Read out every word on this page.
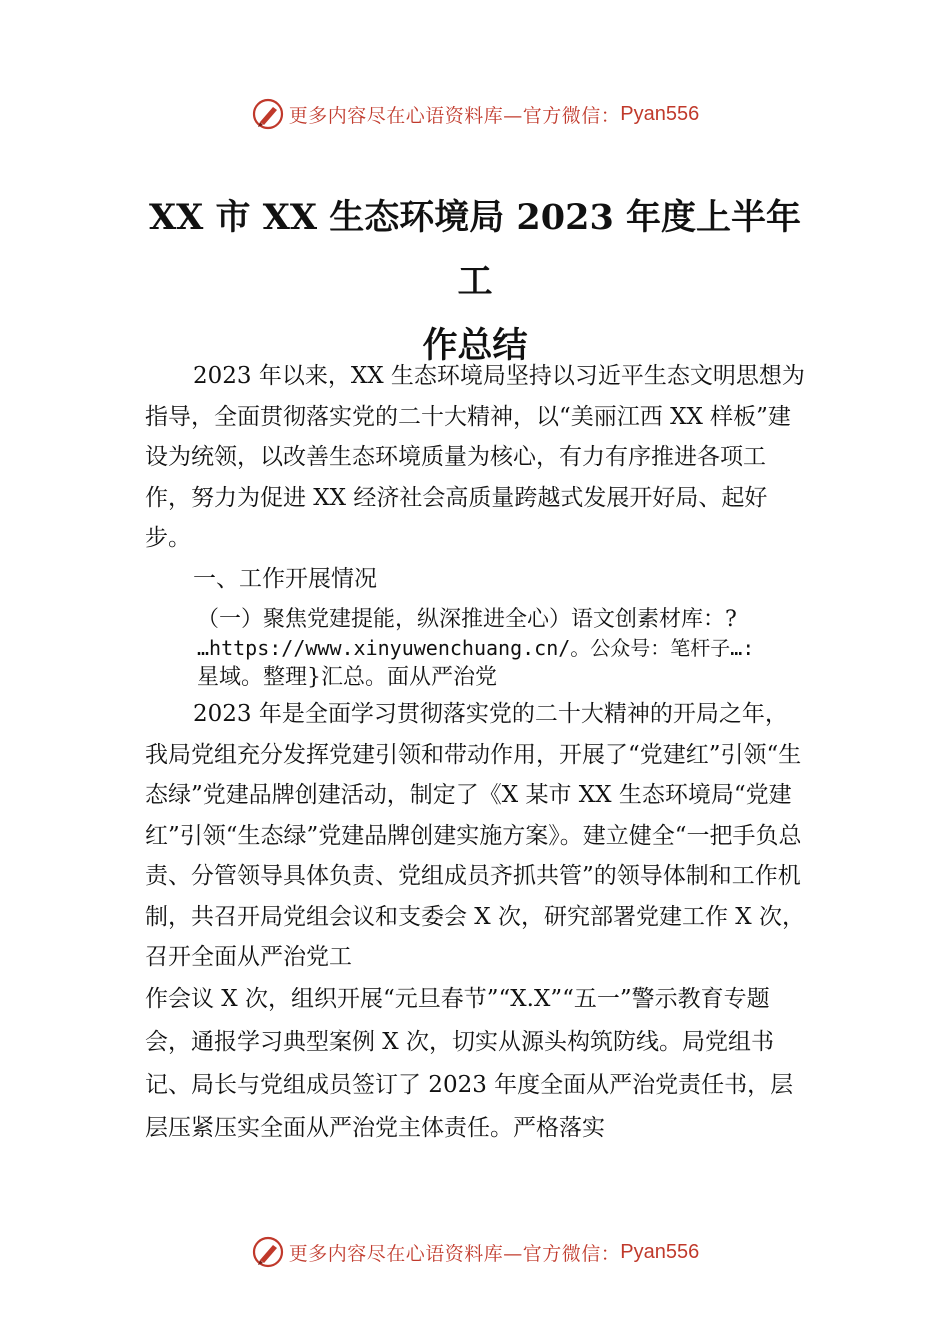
更多内容尽在心语资料库—官方微信： Pyan556
XX 市 XX 生态环境局 2023 年度上半年工
作总结

2023 年以来，XX 生态环境局坚持以习近平生态文明思想为指导，全面贯彻落实党的二十大精神，以“美丽江西 XX 样板”建设为统领，以改善生态环境质量为核心，有力有序推进各项工作，努力为促进 XX 经济社会高质量跨越式发展开好局、起好步。

一、工作开展情况

（一）聚焦党建提能，纵深推进全心）语文创素材库：?
…https://www.xinyuwenchuang.cn/。公众号：笔杆子…:
星域。整理}汇总。面从严治党

2023 年是全面学习贯彻落实党的二十大精神的开局之年，我局党组充分发挥党建引领和带动作用，开展了“党建红”引领“生态绿”党建品牌创建活动，制定了《X 某市 XX 生态环境局“党建红”引领“生态绿”党建品牌创建实施方案》。建立健全“一把手负总责、分管领导具体负责、党组成员齐抓共管”的领导体制和工作机制，共召开局党组会议和支委会 X 次，研究部署党建工作 X 次，召开全面从严治党工

作会议 X 次，组织开展“元旦春节”“X.X”“五一”警示教育专题会，通报学习典型案例 X 次，切实从源头构筑防线。局党组书记、局长与党组成员签订了 2023 年度全面从严治党责任书，层层压紧压实全面从严治党主体责任。严格落实

更多内容尽在心语资料库—官方微信： Pyan556
